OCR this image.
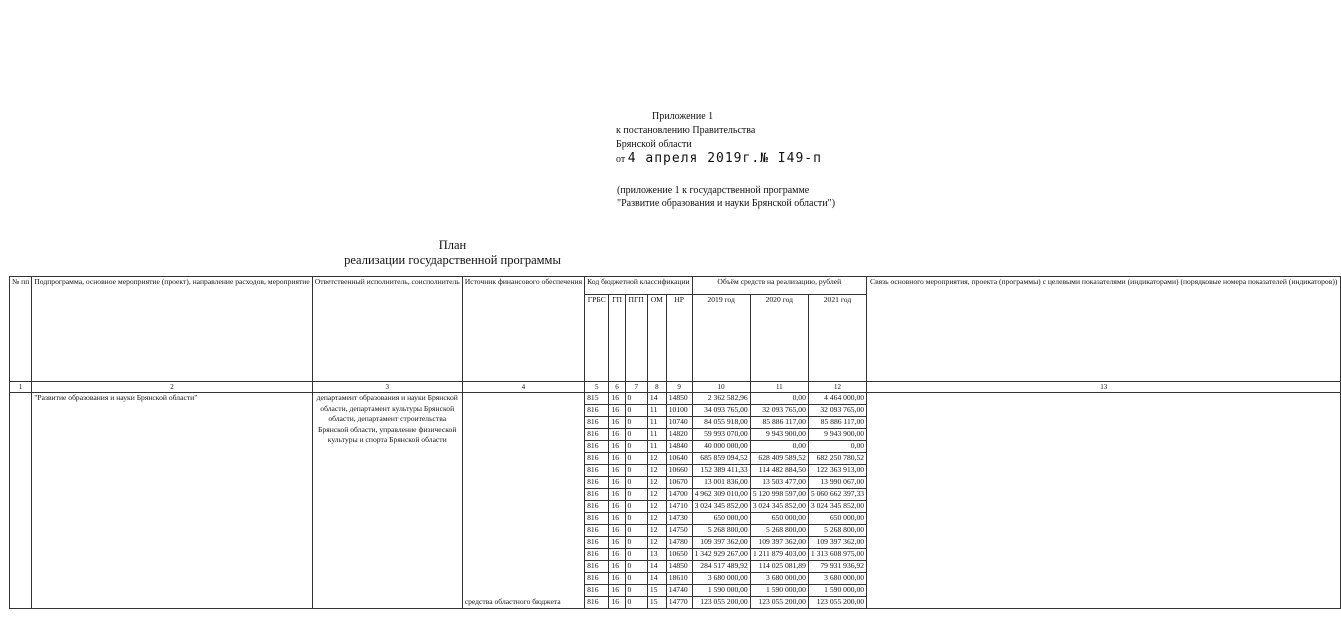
Приложение 1
к постановлению Правительства
Брянской области
от 4 апреля 2019г.№ І49-п
(приложение 1 к государственной программе
"Развитие образования и науки Брянской области")
План
реализации государственной программы
№ пп	Подпрограмма, основное мероприятие (проект), направление расходов, мероприятие	Ответственный исполнитель, соисполнитель	Источник финансового обеспечения	Код бюджетной классификации					Объём средств на реализацию, рублей			Связь основного мероприятия, проекта (программы) с целевыми показателями (индикаторами) (порядковые номера показателей (индикаторов))
				ГРБС	ГП	ПГП	ОМ	НР	2019 год	2020 год	2021 год	
1	2	3	4	5	6	7	8	9	10	11	12	13
	"Развитие образования и науки Брянской области"	департамент образования и науки Брянской области, департамент культуры Брянской области, департамент строительства Брянской области, управление физической культуры и спорта Брянской области	средства областного бюджета	815	16	0	14	14850	2 362 582,96	0,00	4 464 000,00	
				816	16	0	11	10100	34 093 765,00	32 093 765,00	32 093 765,00	
				816	16	0	11	10740	84 055 918,00	85 886 117,00	85 886 117,00	
				816	16	0	11	14820	59 993 070,00	9 943 900,00	9 943 900,00	
				816	16	0	11	14840	40 000 000,00	0,00	0,00	
				816	16	0	12	10640	685 859 094,52	628 409 589,52	682 250 780,52	
				816	16	0	12	10660	152 389 411,33	114 482 884,50	122 363 913,00	
				816	16	0	12	10670	13 001 836,00	13 503 477,00	13 990 067,00	
				816	16	0	12	14700	4 962 309 010,00	5 120 998 597,00	5 060 662 397,33	
				816	16	0	12	14710	3 024 345 852,00	3 024 345 852,00	3 024 345 852,00	
				816	16	0	12	14730	650 000,00	650 000,00	650 000,00	
				816	16	0	12	14750	5 268 800,00	5 268 800,00	5 268 800,00	
				816	16	0	12	14780	109 397 362,00	109 397 362,00	109 397 362,00	
				816	16	0	13	10650	1 342 929 267,00	1 211 879 403,00	1 313 608 975,00	
				816	16	0	14	14850	284 517 489,92	114 025 081,89	79 931 936,92	
				816	16	0	14	18610	3 680 000,00	3 680 000,00	3 680 000,00	
				816	16	0	15	14740	1 590 000,00	1 590 000,00	1 590 000,00	
				816	16	0	15	14770	123 055 200,00	123 055 200,00	123 055 200,00	
